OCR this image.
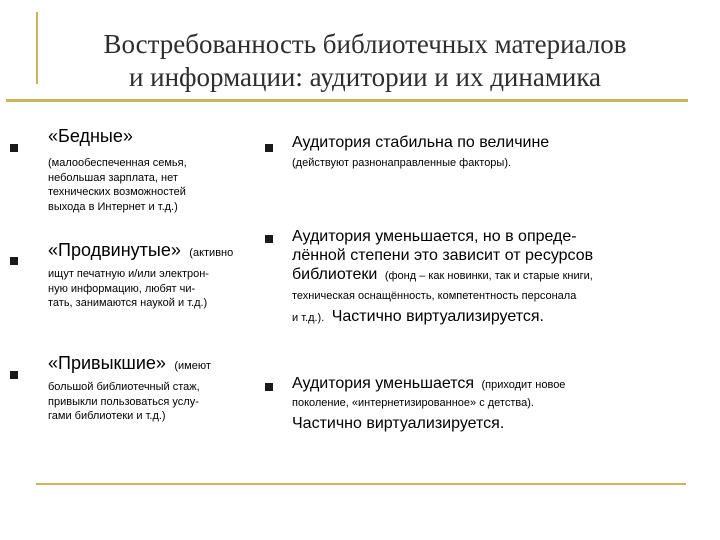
Востребованность библиотечных материалов
и информации: аудитории и их динамика
«Бедные»
(малообеспеченная семья,
небольшая зарплата, нет
технических возможностей
выхода в Интернет и т.д.)
«Продвинутые» (активно
ищут печатную и/или электрон-
ную информацию, любят чи-
тать, занимаются наукой и т.д.)
«Привыкшие» (имеют
большой библиотечный стаж,
привыкли пользоваться услу-
гами библиотеки и т.д.)
Аудитория стабильна по величине
(действуют разнонаправленные факторы).
Аудитория уменьшается, но в опреде-
лённой степени это зависит от ресурсов
библиотеки (фонд – как новинки, так и старые книги,
техническая оснащённость, компетентность персонала
и т.д.). Частично виртуализируется.
Аудитория уменьшается (приходит новое
поколение, «интернетизированное» с детства).
Частично виртуализируется.
